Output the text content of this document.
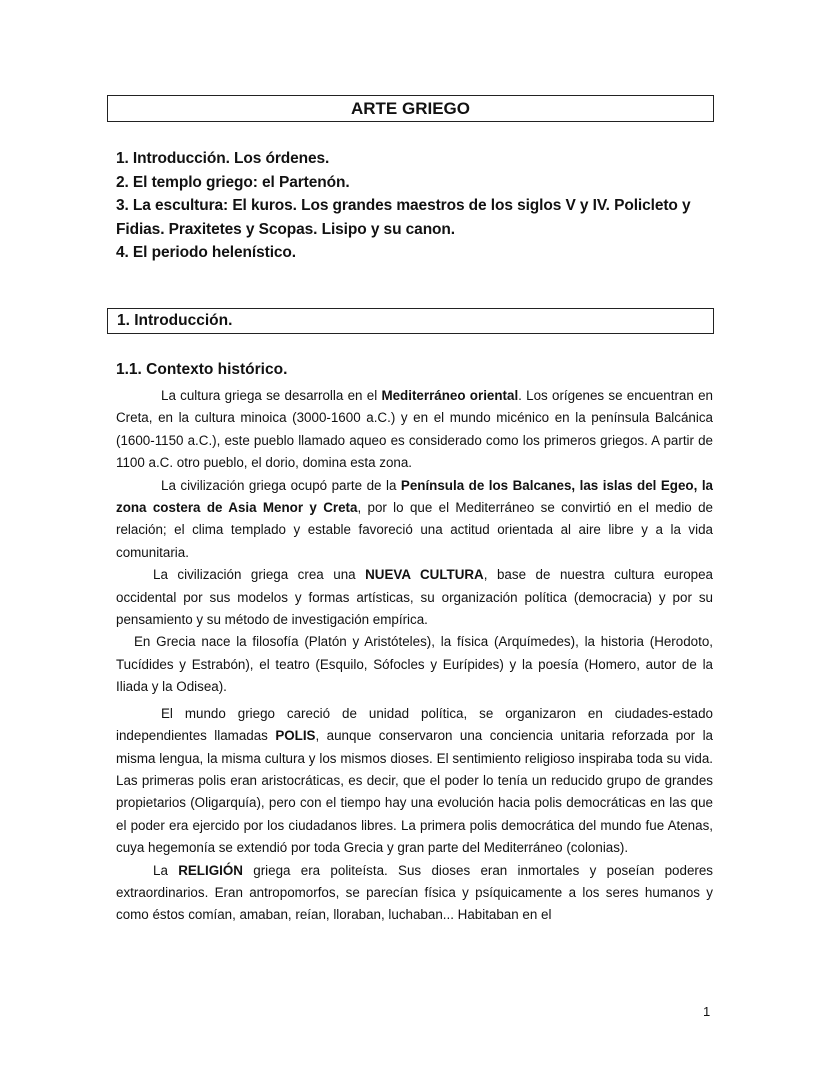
ARTE GRIEGO
1. Introducción. Los órdenes.
2. El templo griego: el Partenón.
3. La escultura: El kuros. Los grandes maestros de los siglos V y IV. Policleto y Fidias. Praxitetes y Scopas. Lisipo y su canon.
4. El periodo helenístico.
1. Introducción.
1.1. Contexto histórico.

La cultura griega se desarrolla en el Mediterráneo oriental. Los orígenes se encuentran en Creta, en la cultura minoica (3000-1600 a.C.) y en el mundo micénico en la península Balcánica (1600-1150 a.C.), este pueblo llamado aqueo es considerado como los primeros griegos. A partir de 1100 a.C. otro pueblo, el dorio, domina esta zona.

La civilización griega ocupó parte de la Península de los Balcanes, las islas del Egeo, la zona costera de Asia Menor y Creta, por lo que el Mediterráneo se convirtió en el medio de relación; el clima templado y estable favoreció una actitud orientada al aire libre y a la vida comunitaria.

La civilización griega crea una NUEVA CULTURA, base de nuestra cultura europea occidental por sus modelos y formas artísticas, su organización política (democracia) y por su pensamiento y su método de investigación empírica.

En Grecia nace la filosofía (Platón y Aristóteles), la física (Arquímedes), la historia (Herodoto, Tucídides y Estrabón), el teatro (Esquilo, Sófocles y Eurípides) y la poesía (Homero, autor de la Iliada y la Odisea).

El mundo griego careció de unidad política, se organizaron en ciudades-estado independientes llamadas POLIS, aunque conservaron una conciencia unitaria reforzada por la misma lengua, la misma cultura y los mismos dioses. El sentimiento religioso inspiraba toda su vida. Las primeras polis eran aristocráticas, es decir, que el poder lo tenía un reducido grupo de grandes propietarios (Oligarquía), pero con el tiempo hay una evolución hacia polis democráticas en las que el poder era ejercido por los ciudadanos libres. La primera polis democrática del mundo fue Atenas, cuya hegemonía se extendió por toda Grecia y gran parte del Mediterráneo (colonias).

La RELIGIÓN griega era politeísta. Sus dioses eran inmortales y poseían poderes extraordinarios. Eran antropomorfos, se parecían física y psíquicamente a los seres humanos y como éstos comían, amaban, reían, lloraban, luchaban... Habitaban en el

1
